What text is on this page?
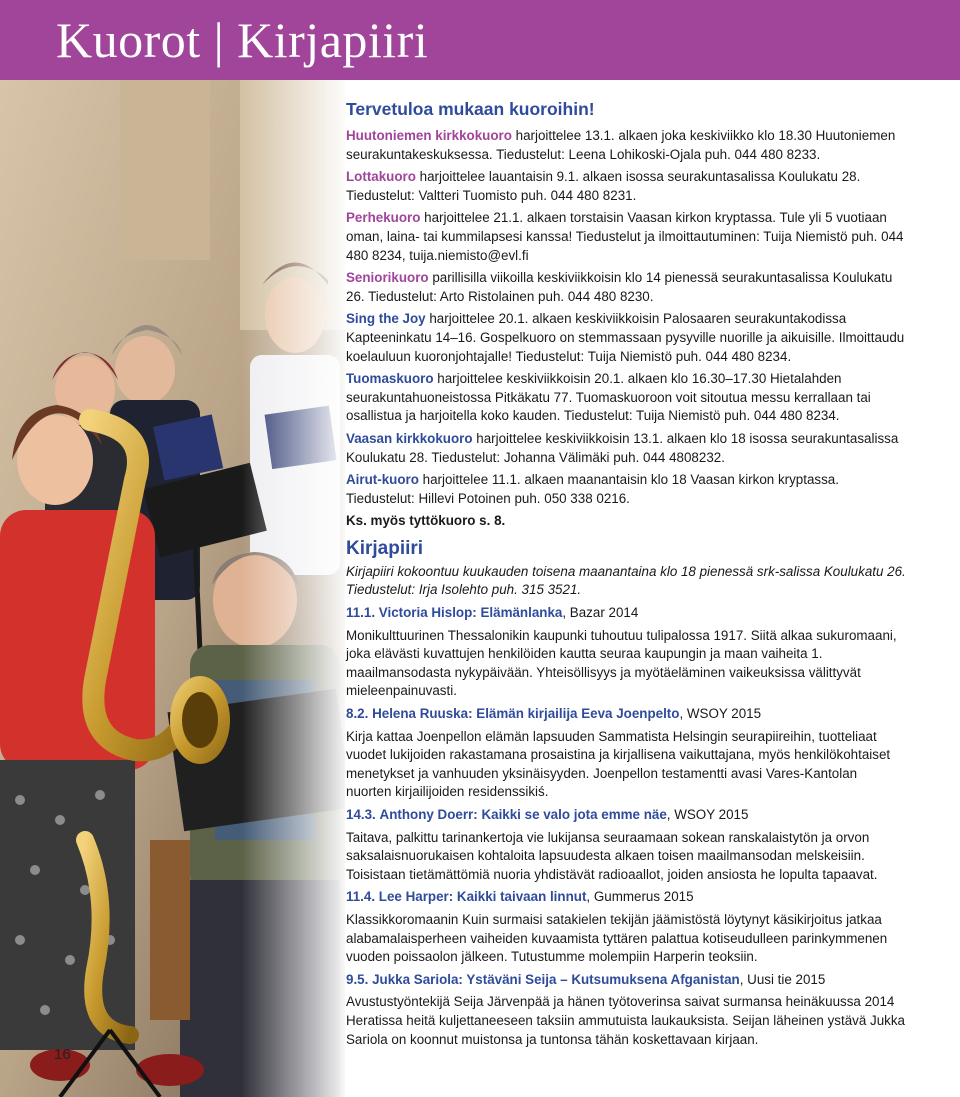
Kuorot | Kirjapiiri
16
Tervetuloa mukaan kuoroihin!

Huutoniemen kirkkokuoro harjoittelee 13.1. alkaen joka keskiviikko klo 18.30 Huutoniemen seurakuntakeskuksessa. Tiedustelut: Leena Lohikoski-Ojala puh. 044 480 8233.

Lottakuoro harjoittelee lauantaisin 9.1. alkaen isossa seurakuntasalissa Koulukatu 28. Tiedustelut: Valtteri Tuomisto puh. 044 480 8231.

Perhekuoro harjoittelee 21.1. alkaen torstaisin Vaasan kirkon kryptassa. Tule yli 5 vuotiaan oman, laina- tai kummilapsesi kanssa! Tiedustelut ja ilmoittautuminen: Tuija Niemistö puh. 044 480 8234, tuija.niemisto@evl.fi

Seniorikuoro parillisilla viikoilla keskiviikkoisin klo 14 pienessä seurakuntasalissa Koulukatu 26. Tiedustelut: Arto Ristolainen puh. 044 480 8230.

Sing the Joy harjoittelee 20.1. alkaen keskiviikkoisin Palosaaren seurakuntakodissa Kapteeninkatu 14–16. Gospelkuoro on stemmassaan pysyville nuorille ja aikuisille. Ilmoittaudu koelauluun kuoronjohtajalle! Tiedustelut: Tuija Niemistö puh. 044 480 8234.

Tuomaskuoro harjoittelee keskiviikkoisin 20.1. alkaen klo 16.30–17.30 Hietalahden seurakuntahuoneistossa Pitkäkatu 77. Tuomaskuoroon voit sitoutua messu kerrallaan tai osallistua ja harjoitella koko kauden. Tiedustelut: Tuija Niemistö puh. 044 480 8234.

Vaasan kirkkokuoro harjoittelee keskiviikkoisin 13.1. alkaen klo 18 isossa seurakuntasalissa Koulukatu 28. Tiedustelut: Johanna Välimäki puh. 044 4808232.

Airut-kuoro harjoittelee 11.1. alkaen maanantaisin klo 18 Vaasan kirkon kryptassa. Tiedustelut: Hillevi Potoinen puh. 050 338 0216.

Ks. myös tyttökuoro s. 8.

Kirjapiiri

Kirjapiiri kokoontuu kuukauden toisena maanantaina klo 18 pienessä srk-salissa Koulukatu 26. Tiedustelut: Irja Isolehto puh. 315 3521.

11.1. Victoria Hislop: Elämänlanka, Bazar 2014

Monikulttuurinen Thessalonikin kaupunki tuhoutuu tulipalossa 1917. Siitä alkaa sukuromaani, joka elävästi kuvattujen henkilöiden kautta seuraa kaupungin ja maan vaiheita 1. maailmansodasta nykypäivään. Yhteisöllisyys ja myötäeläminen vaikeuksissa välittyvät mieleenpainuvasti.

8.2. Helena Ruuska: Elämän kirjailija Eeva Joenpelto, WSOY 2015

Kirja kattaa Joenpellon elämän lapsuuden Sammatista Helsingin seurapiireihin, tuotteliaat vuodet lukijoiden rakastamana prosaistina ja kirjallisena vaikuttajana, myös henkilökohtaiset menetykset ja vanhuuden yksinäisyyden. Joenpellon testamentti avasi Vares-Kantolan nuorten kirjailijoiden residenssikiś.

14.3. Anthony Doerr: Kaikki se valo jota emme näe, WSOY 2015

Taitava, palkittu tarinankertoja vie lukijansa seuraamaan sokean ranskalaistytön ja orvon saksalaisnuorukaisen kohtaloita lapsuudesta alkaen toisen maailmansodan melskeisiin. Toisistaan tietämättömiä nuoria yhdistävät radioaallot, joiden ansiosta he lopulta tapaavat.

11.4. Lee Harper: Kaikki taivaan linnut, Gummerus 2015

Klassikkoromaanin Kuin surmaisi satakielen tekijän jäämistöstä löytynyt käsikirjoitus jatkaa alabamalaisperheen vaiheiden kuvaamista tyttären palattua kotiseudulleen parinkymmenen vuoden poissaolon jälkeen. Tutustumme molempiin Harperin teoksiin.

9.5. Jukka Sariola: Ystäväni Seija – Kutsumuksena Afganistan, Uusi tie 2015

Avustustyöntekijä Seija Järvenpää ja hänen työtoverinsa saivat surmansa heinäkuussa 2014 Heratissa heitä kuljettaneeseen taksiin ammutuista laukauksista. Seijan läheinen ystävä Jukka Sariola on koonnut muistonsa ja tuntonsa tähän koskettavaan kirjaan.
